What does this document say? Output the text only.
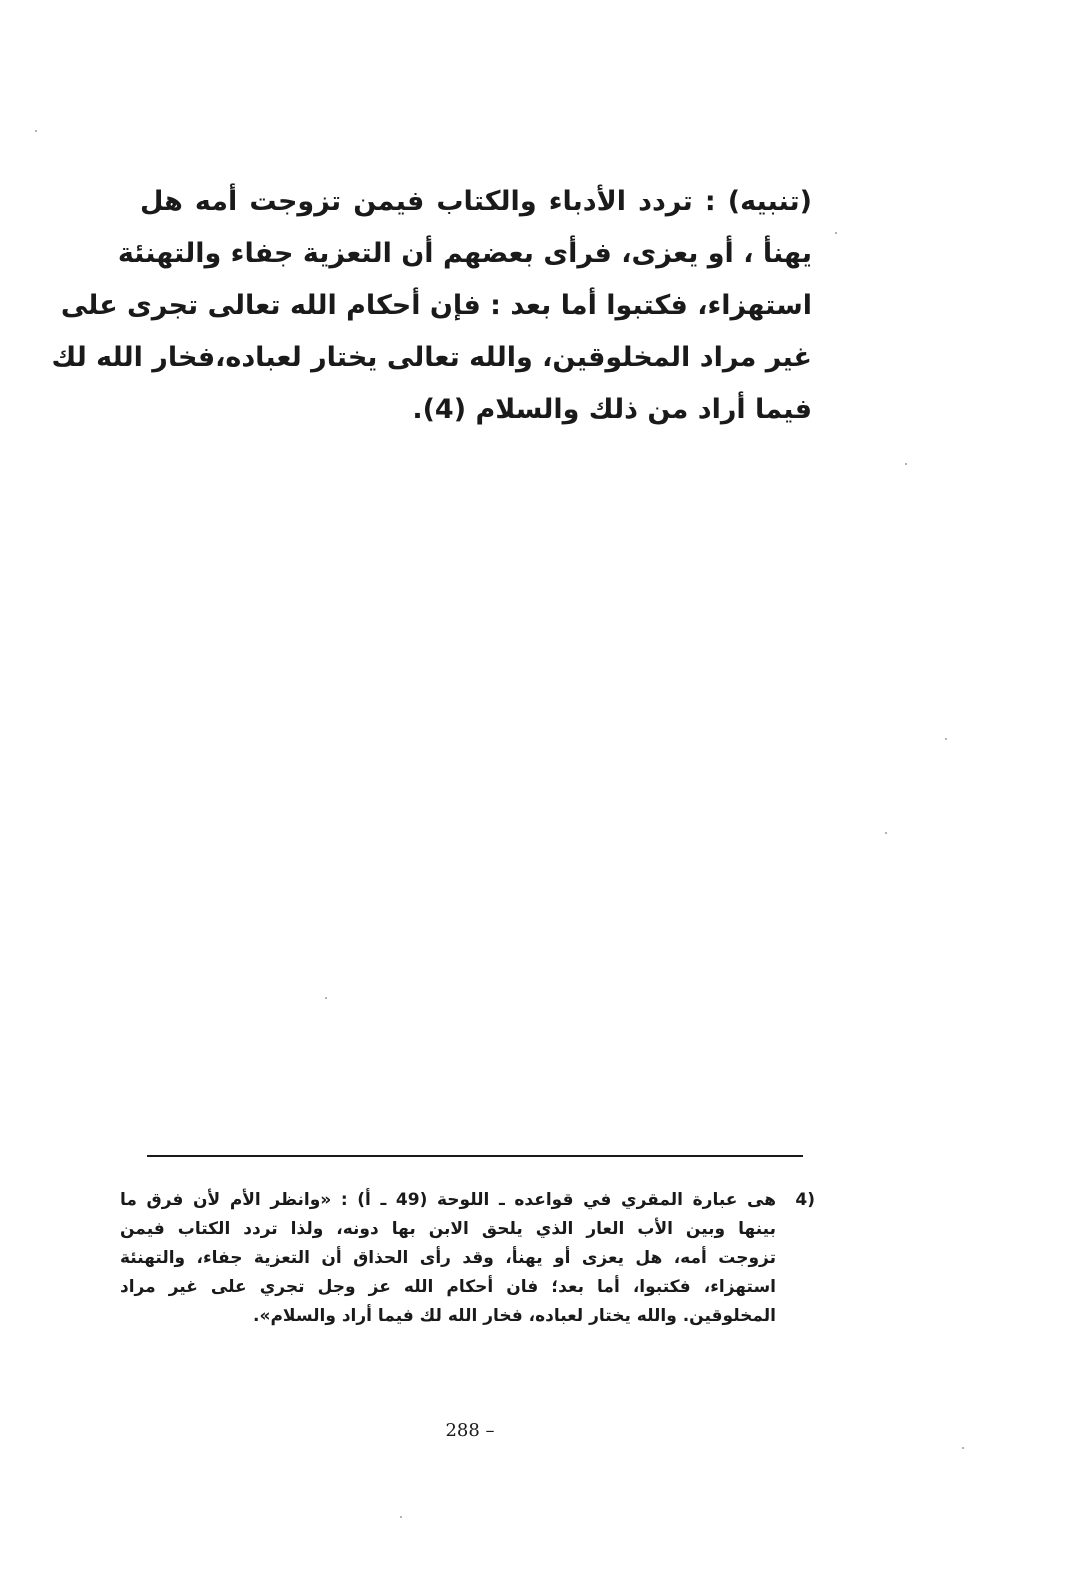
(تنبيه) : تردد الأدباء والكتاب فيمن تزوجت أمه هل
يهنأ ، أو يعزى، فرأى بعضهم أن التعزية جفاء والتهنئة
استهزاء، فكتبوا أما بعد : فإن أحكام الله تعالى تجرى على
غير مراد المخلوقين، والله تعالى يختار لعباده،فخار الله لك
فيما أراد من ذلك والسلام (4).
(4
هى عبارة المقري في قواعده ـ اللوحة (49 ـ أ) : «وانظر الأم لأن فرق ما
بينها وبين الأب العار الذي يلحق الابن بها دونه، ولذا تردد الكتاب فيمن
تزوجت أمه، هل يعزى أو يهنأ، وقد رأى الحذاق أن التعزية جفاء، والتهنئة
استهزاء، فكتبوا، أما بعد؛ فان أحكام الله عز وجل تجري على غير مراد
المخلوقين. والله يختار لعباده، فخار الله لك فيما أراد والسلام».
288 –
